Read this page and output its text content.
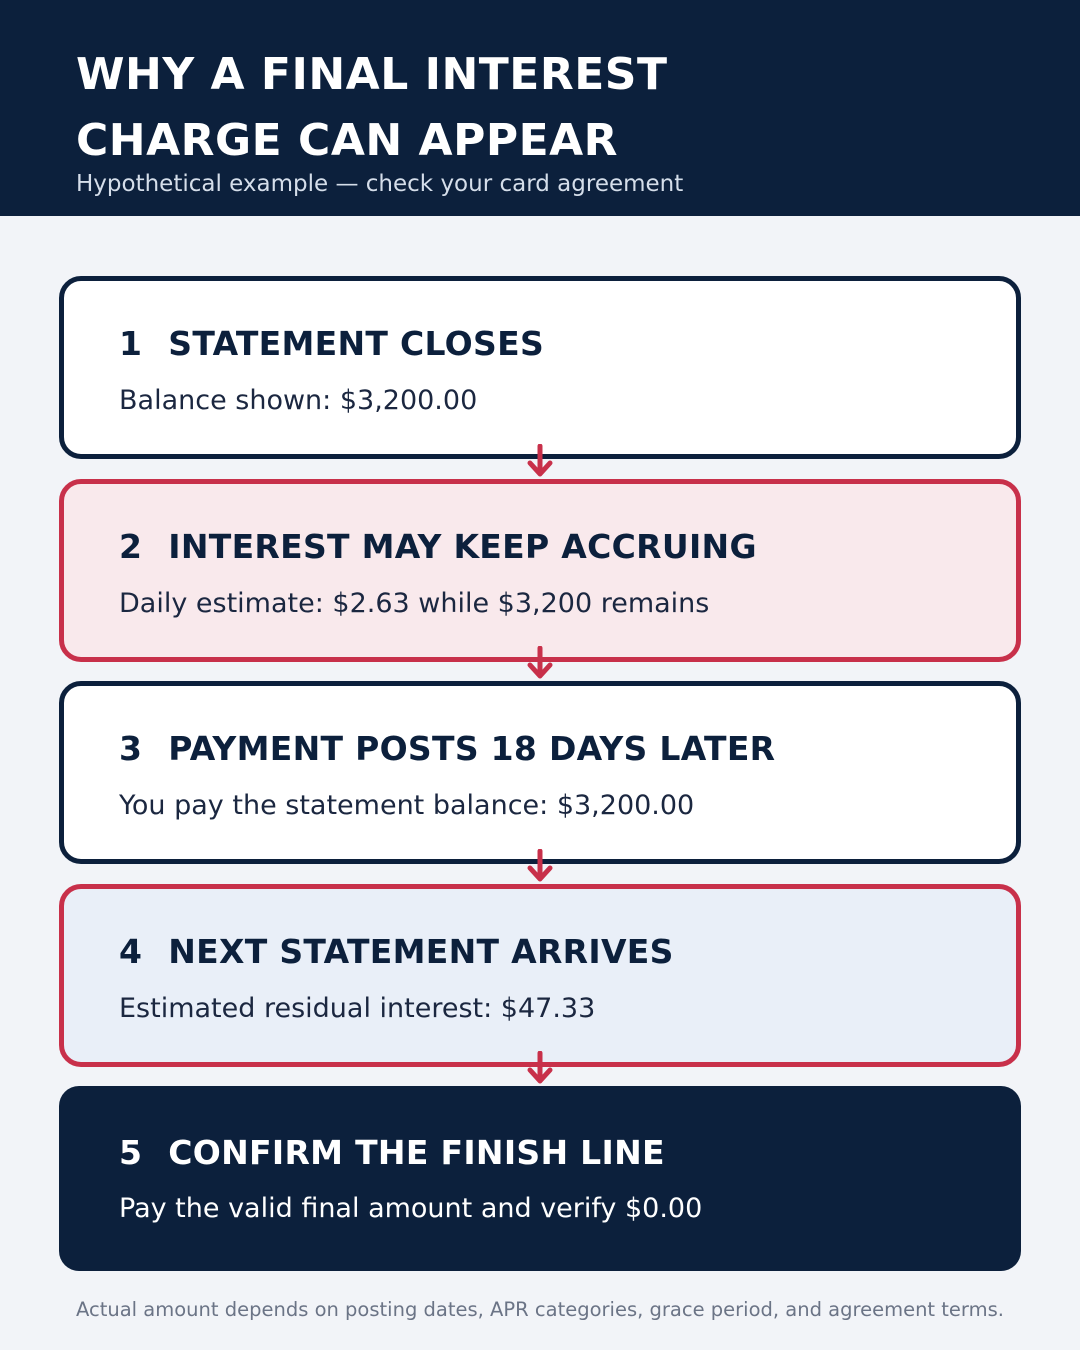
WHY A FINAL INTEREST
CHARGE CAN APPEAR
Hypothetical example — check your card agreement
1 STATEMENT CLOSES
Balance shown: $3,200.00
2 INTEREST MAY KEEP ACCRUING
Daily estimate: $2.63 while $3,200 remains
3 PAYMENT POSTS 18 DAYS LATER
You pay the statement balance: $3,200.00
4 NEXT STATEMENT ARRIVES
Estimated residual interest: $47.33
5 CONFIRM THE FINISH LINE
Pay the valid final amount and verify $0.00
Actual amount depends on posting dates, APR categories, grace period, and agreement terms.
